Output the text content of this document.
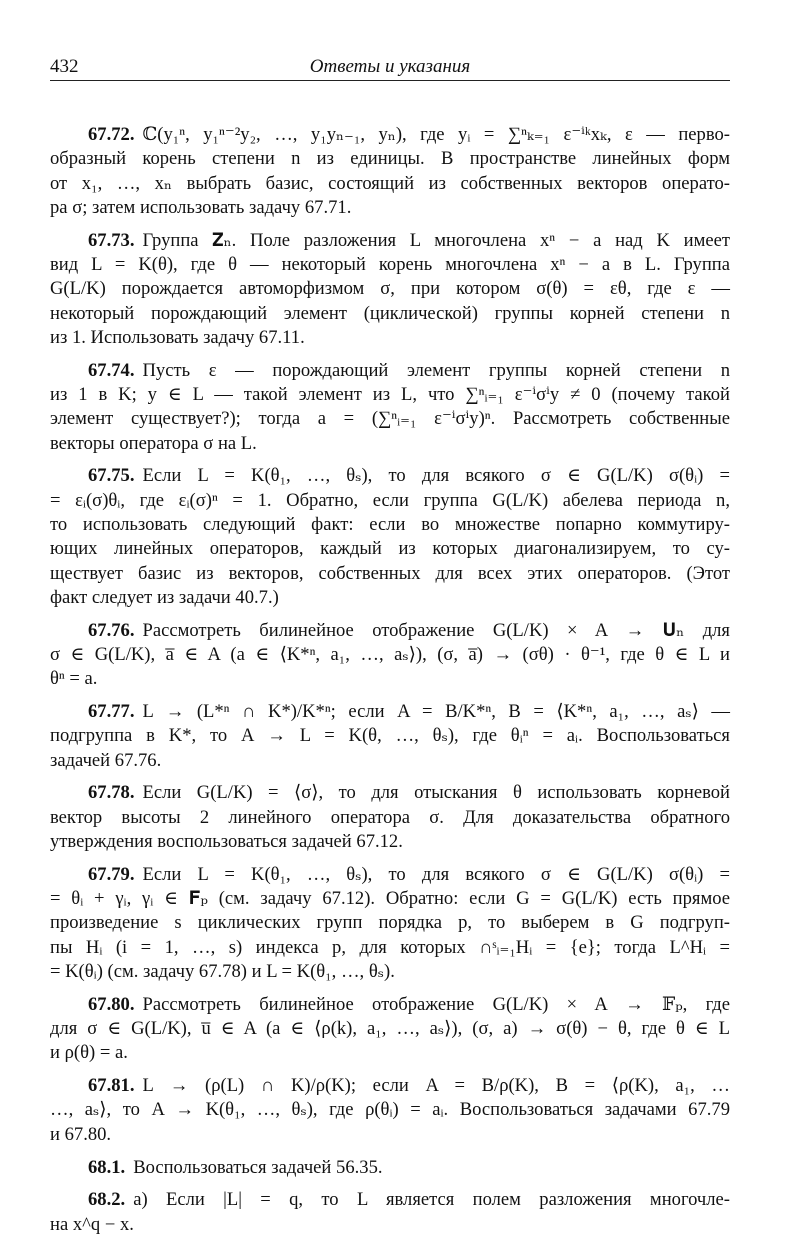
432	Ответы и указания
67.72. ℂ(y₁ⁿ, y₁ⁿ⁻²y₂, …, y₁yₙ₋₁, yₙ), где yᵢ = ∑ⁿₖ₌₁ ε⁻ⁱᵏxₖ, ε — перво-
образный корень степени n из единицы. В пространстве линейных форм
от x₁, …, xₙ выбрать базис, состоящий из собственных векторов операто-
ра σ; затем использовать задачу 67.71.
67.73. Группа 𝐙ₙ. Поле разложения L многочлена xⁿ − a над K имеет
вид L = K(θ), где θ — некоторый корень многочлена xⁿ − a в L. Группа
G(L/K) порождается автоморфизмом σ, при котором σ(θ) = εθ, где ε —
некоторый порождающий элемент (циклической) группы корней степени n
из 1. Использовать задачу 67.11.
67.74. Пусть ε — порождающий элемент группы корней степени n
из 1 в K; y ∈ L — такой элемент из L, что ∑ⁿᵢ₌₁ ε⁻ⁱσⁱy ≠ 0 (почему такой
элемент существует?); тогда a = (∑ⁿᵢ₌₁ ε⁻ⁱσⁱy)ⁿ. Рассмотреть собственные
векторы оператора σ на L.
67.75. Если L = K(θ₁, …, θₛ), то для всякого σ ∈ G(L/K) σ(θᵢ) =
= εᵢ(σ)θᵢ, где εᵢ(σ)ⁿ = 1. Обратно, если группа G(L/K) абелева периода n,
то использовать следующий факт: если во множестве попарно коммутиру-
ющих линейных операторов, каждый из которых диагонализируем, то су-
ществует базис из векторов, собственных для всех этих операторов. (Этот
факт следует из задачи 40.7.)
67.76. Рассмотреть билинейное отображение G(L/K) × A → 𝐔ₙ для
σ ∈ G(L/K), a̅ ∈ A (a ∈ ⟨K*ⁿ, a₁, …, aₛ⟩), (σ, a̅) → (σθ) · θ⁻¹, где θ ∈ L и
θⁿ = a.
67.77. L → (L*ⁿ ∩ K*)/K*ⁿ; если A = B/K*ⁿ, B = ⟨K*ⁿ, a₁, …, aₛ⟩ —
подгруппа в K*, то A → L = K(θ, …, θₛ), где θᵢⁿ = aᵢ. Воспользоваться
задачей 67.76.
67.78. Если G(L/K) = ⟨σ⟩, то для отыскания θ использовать корневой
вектор высоты 2 линейного оператора σ. Для доказательства обратного
утверждения воспользоваться задачей 67.12.
67.79. Если L = K(θ₁, …, θₛ), то для всякого σ ∈ G(L/K) σ(θᵢ) =
= θᵢ + γᵢ, γᵢ ∈ 𝐅ₚ (см. задачу 67.12). Обратно: если G = G(L/K) есть прямое
произведение s циклических групп порядка p, то выберем в G подгруп-
пы Hᵢ (i = 1, …, s) индекса p, для которых ∩ˢᵢ₌₁Hᵢ = {e}; тогда L^Hᵢ =
= K(θᵢ) (см. задачу 67.78) и L = K(θ₁, …, θₛ).
67.80. Рассмотреть билинейное отображение G(L/K) × A → 𝔽ₚ, где
для σ ∈ G(L/K), u̅ ∈ A (a ∈ ⟨ρ(k), a₁, …, aₛ⟩), (σ, a) → σ(θ) − θ, где θ ∈ L
и ρ(θ) = a.
67.81. L → (ρ(L) ∩ K)/ρ(K); если A = B/ρ(K), B = ⟨ρ(K), a₁, …
…, aₛ⟩, то A → K(θ₁, …, θₛ), где ρ(θᵢ) = aᵢ. Воспользоваться задачами 67.79
и 67.80.
68.1. Воспользоваться задачей 56.35.
68.2. а) Если |L| = q, то L является полем разложения многочле-
на x^q − x.
